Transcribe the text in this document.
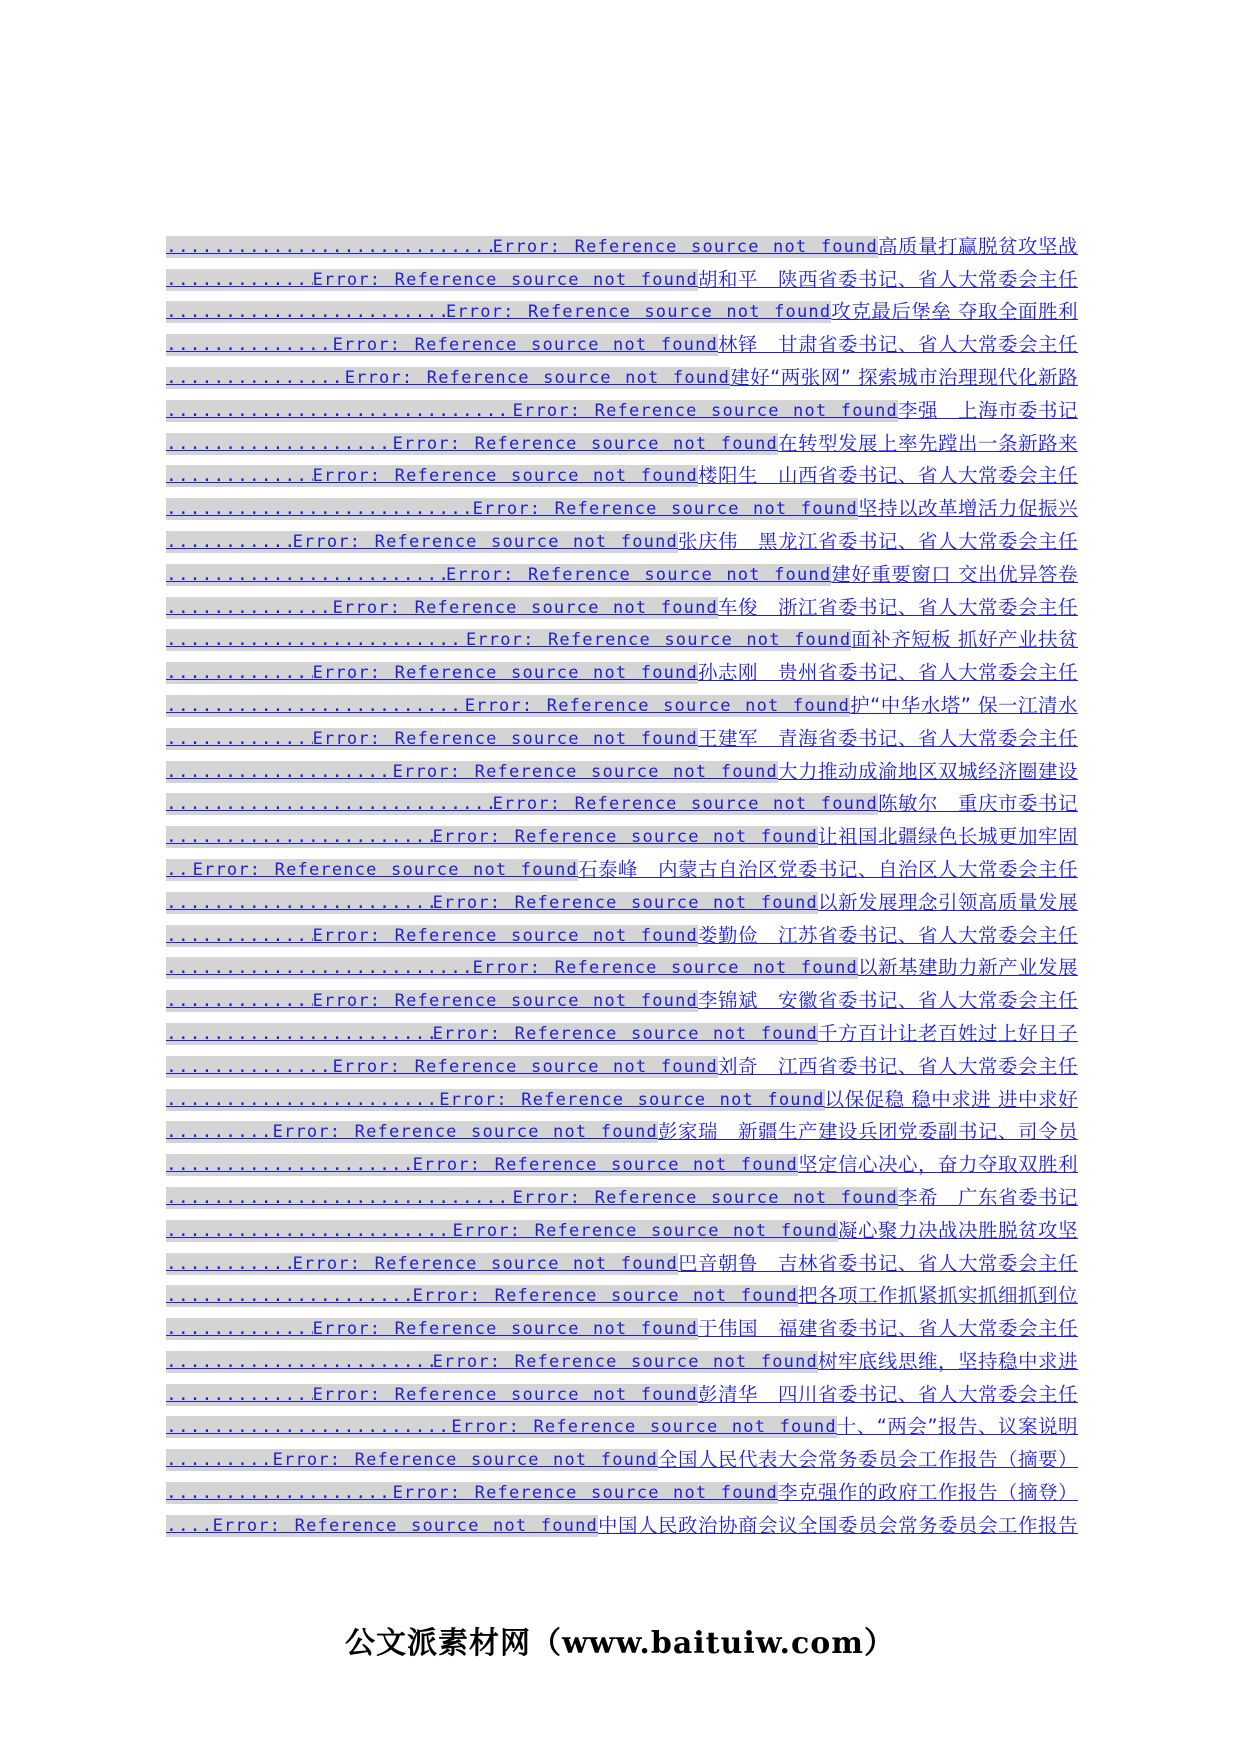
.....
Error: Reference source not found 高质量打赢脱贫攻坚战
.....
Error: Reference source not found 胡和平　陕西省委书记、省人大常委会主任
.....
Error: Reference source not found 攻克最后堡垒 夺取全面胜利
.....
Error: Reference source not found 林铎　甘肃省委书记、省人大常委会主任
.....
Error: Reference source not found 建好“两张网” 探索城市治理现代化新路
.....
Error: Reference source not found 李强　上海市委书记
.....
Error: Reference source not found 在转型发展上率先蹚出一条新路来
.....
Error: Reference source not found 楼阳生　山西省委书记、省人大常委会主任
.....
Error: Reference source not found 坚持以改革增活力促振兴
.....
Error: Reference source not found 张庆伟　黑龙江省委书记、省人大常委会主任
.....
Error: Reference source not found 建好重要窗口 交出优异答卷
.....
Error: Reference source not found 车俊　浙江省委书记、省人大常委会主任
.....
Error: Reference source not found 面补齐短板 抓好产业扶贫
.....
Error: Reference source not found 孙志刚　贵州省委书记、省人大常委会主任
.....
Error: Reference source not found 护“中华水塔” 保一江清水
.....
Error: Reference source not found 王建军　青海省委书记、省人大常委会主任
.....
Error: Reference source not found 大力推动成渝地区双城经济圈建设
.....
Error: Reference source not found 陈敏尔　重庆市委书记
.....
Error: Reference source not found 让祖国北疆绿色长城更加牢固
.....
Error: Reference source not found 石泰峰　内蒙古自治区党委书记、自治区人大常委会主任
.....
Error: Reference source not found 以新发展理念引领高质量发展
.....
Error: Reference source not found 娄勤俭　江苏省委书记、省人大常委会主任
.....
Error: Reference source not found 以新基建助力新产业发展
.....
Error: Reference source not found 李锦斌　安徽省委书记、省人大常委会主任
.....
Error: Reference source not found 千方百计让老百姓过上好日子
.....
Error: Reference source not found 刘奇　江西省委书记、省人大常委会主任
.....
Error: Reference source not found 以保促稳 稳中求进 进中求好
.....
Error: Reference source not found 彭家瑞　新疆生产建设兵团党委副书记、司令员
.....
Error: Reference source not found 坚定信心决心，奋力夺取双胜利
.....
Error: Reference source not found 李希　广东省委书记
.....
Error: Reference source not found 凝心聚力决战决胜脱贫攻坚
.....
Error: Reference source not found 巴音朝鲁　吉林省委书记、省人大常委会主任
.....
Error: Reference source not found 把各项工作抓紧抓实抓细抓到位
.....
Error: Reference source not found 于伟国　福建省委书记、省人大常委会主任
.....
Error: Reference source not found 树牢底线思维，坚持稳中求进
.....
Error: Reference source not found 彭清华　四川省委书记、省人大常委会主任
.....
Error: Reference source not found 十、“两会”报告、议案说明
.....
Error: Reference source not found 全国人民代表大会常务委员会工作报告（摘要）
.....
Error: Reference source not found 李克强作的政府工作报告（摘登）
.....
Error: Reference source not found 中国人民政治协商会议全国委员会常务委员会工作报告
公文派素材网（www.baituiw.com）
